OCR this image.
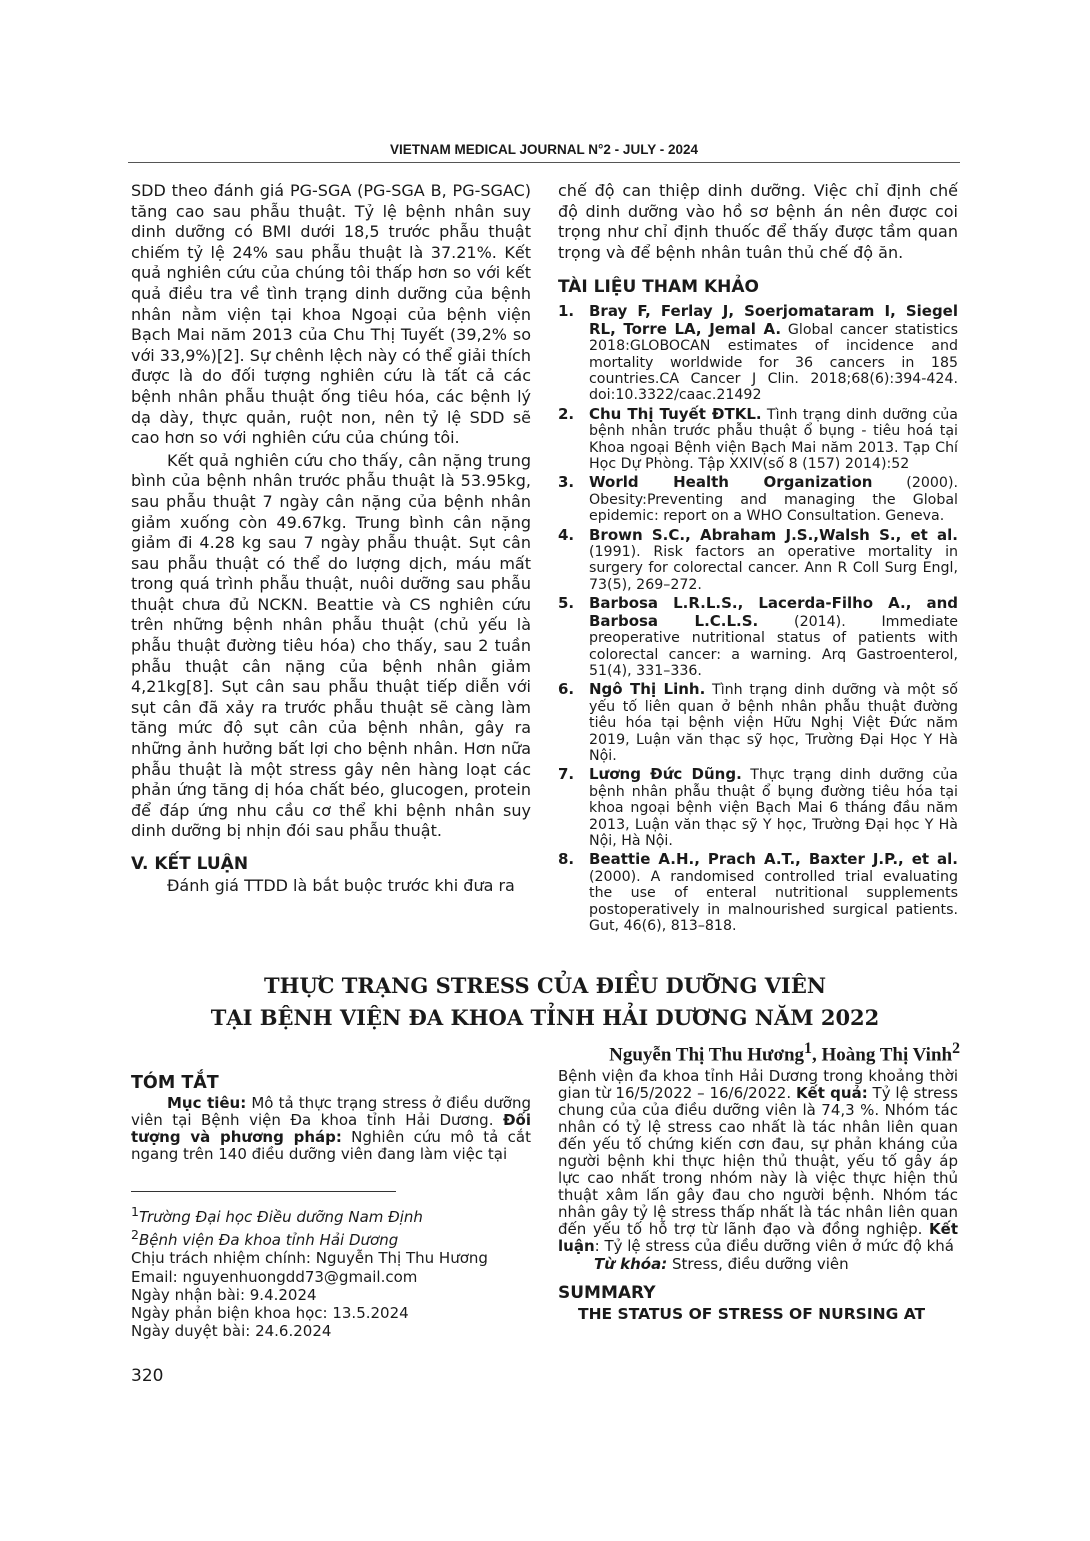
VIETNAM MEDICAL JOURNAL N°2 - JULY - 2024

SDD theo đánh giá PG-SGA (PG-SGA B, PG-SGAC) tăng cao sau phẫu thuật. Tỷ lệ bệnh nhân suy dinh dưỡng có BMI dưới 18,5 trước phẫu thuật chiếm tỷ lệ 24% sau phẫu thuật là 37.21%. Kết quả nghiên cứu của chúng tôi thấp hơn so với kết quả điều tra về tình trạng dinh dưỡng của bệnh nhân nằm viện tại khoa Ngoại của bệnh viện Bạch Mai năm 2013 của Chu Thị Tuyết (39,2% so với 33,9%)[2]. Sự chênh lệch này có thể giải thích được là do đối tượng nghiên cứu là tất cả các bệnh nhân phẫu thuật ống tiêu hóa, các bệnh lý dạ dày, thực quản, ruột non, nên tỷ lệ SDD sẽ cao hơn so với nghiên cứu của chúng tôi.

Kết quả nghiên cứu cho thấy, cân nặng trung bình của bệnh nhân trước phẫu thuật là 53.95kg, sau phẫu thuật 7 ngày cân nặng của bệnh nhân giảm xuống còn 49.67kg. Trung bình cân nặng giảm đi 4.28 kg sau 7 ngày phẫu thuật. Sụt cân sau phẫu thuật có thể do lượng dịch, máu mất trong quá trình phẫu thuật, nuôi dưỡng sau phẫu thuật chưa đủ NCKN. Beattie và CS nghiên cứu trên những bệnh nhân phẫu thuật (chủ yếu là phẫu thuật đường tiêu hóa) cho thấy, sau 2 tuần phẫu thuật cân nặng của bệnh nhân giảm 4,21kg[8]. Sụt cân sau phẫu thuật tiếp diễn với sụt cân đã xảy ra trước phẫu thuật sẽ càng làm tăng mức độ sụt cân của bệnh nhân, gây ra những ảnh hưởng bất lợi cho bệnh nhân. Hơn nữa phẫu thuật là một stress gây nên hàng loạt các phản ứng tăng dị hóa chất béo, glucogen, protein để đáp ứng nhu cầu cơ thể khi bệnh nhân suy dinh dưỡng bị nhịn đói sau phẫu thuật.

V. KẾT LUẬN

Đánh giá TTDD là bắt buộc trước khi đưa ra

chế độ can thiệp dinh dưỡng. Việc chỉ định chế độ dinh dưỡng vào hồ sơ bệnh án nên được coi trọng như chỉ định thuốc để thấy được tầm quan trọng và để bệnh nhân tuân thủ chế độ ăn.

TÀI LIỆU THAM KHẢO

1. Bray F, Ferlay J, Soerjomataram I, Siegel RL, Torre LA, Jemal A. Global cancer statistics 2018:GLOBOCAN estimates of incidence and mortality worldwide for 36 cancers in 185 countries.CA Cancer J Clin. 2018;68(6):394-424. doi:10.3322/caac.21492
2. Chu Thị Tuyết ĐTKL. Tình trạng dinh dưỡng của bệnh nhân trước phẫu thuật ổ bụng - tiêu hoá tại Khoa ngoại Bệnh viện Bạch Mai năm 2013. Tạp Chí Học Dự Phòng. Tập XXIV(số 8 (157) 2014):52
3. World Health Organization (2000). Obesity:Preventing and managing the Global epidemic: report on a WHO Consultation. Geneva.
4. Brown S.C., Abraham J.S.,Walsh S., et al. (1991). Risk factors an operative mortality in surgery for colorectal cancer. Ann R Coll Surg Engl, 73(5), 269–272.
5. Barbosa L.R.L.S., Lacerda-Filho A., and Barbosa L.C.L.S. (2014). Immediate preoperative nutritional status of patients with colorectal cancer: a warning. Arq Gastroenterol, 51(4), 331–336.
6. Ngô Thị Linh. Tình trạng dinh dưỡng và một số yếu tố liên quan ở bệnh nhân phẫu thuật đường tiêu hóa tại bệnh viện Hữu Nghị Việt Đức năm 2019, Luận văn thạc sỹ học, Trường Đại Học Y Hà Nội.
7. Lương Đức Dũng. Thực trạng dinh dưỡng của bệnh nhân phẫu thuật ổ bụng đường tiêu hóa tại khoa ngoại bệnh viện Bạch Mai 6 tháng đầu năm 2013, Luận văn thạc sỹ Y học, Trường Đại học Y Hà Nội, Hà Nội.
8. Beattie A.H., Prach A.T., Baxter J.P., et al. (2000). A randomised controlled trial evaluating the use of enteral nutritional supplements postoperatively in malnourished surgical patients. Gut, 46(6), 813–818.
THỰC TRẠNG STRESS CỦA ĐIỀU DƯỠNG VIÊN
TẠI BỆNH VIỆN ĐA KHOA TỈNH HẢI DƯƠNG NĂM 2022
Nguyễn Thị Thu Hương$^1$, Hoàng Thị Vinh$^2$

TÓM TẮT

Mục tiêu: Mô tả thực trạng stress ở điều dưỡng viên tại Bệnh viện Đa khoa tỉnh Hải Dương. Đối tượng và phương pháp: Nghiên cứu mô tả cắt ngang trên 140 điều dưỡng viên đang làm việc tại

Bệnh viện đa khoa tỉnh Hải Dương trong khoảng thời gian từ 16/5/2022 – 16/6/2022. Kết quả: Tỷ lệ stress chung của của điều dưỡng viên là 74,3 %. Nhóm tác nhân có tỷ lệ stress cao nhất là tác nhân liên quan đến yếu tố chứng kiến cơn đau, sự phản kháng của người bệnh khi thực hiện thủ thuật, yếu tố gây áp lực cao nhất trong nhóm này là việc thực hiện thủ thuật xâm lấn gây đau cho người bệnh. Nhóm tác nhân gây tỷ lệ stress thấp nhất là tác nhân liên quan đến yếu tố hỗ trợ từ lãnh đạo và đồng nghiệp. Kết luận: Tỷ lệ stress của điều dưỡng viên ở mức độ khá

Từ khóa: Stress, điều dưỡng viên

SUMMARY

THE STATUS OF STRESS OF NURSING AT

$^1$Trường Đại học Điều dưỡng Nam Định
$^2$Bệnh viện Đa khoa tỉnh Hải Dương
Chịu trách nhiệm chính: Nguyễn Thị Thu Hương
Email: nguyenhuongdd73@gmail.com
Ngày nhận bài: 9.4.2024
Ngày phản biện khoa học: 13.5.2024
Ngày duyệt bài: 24.6.2024
320
